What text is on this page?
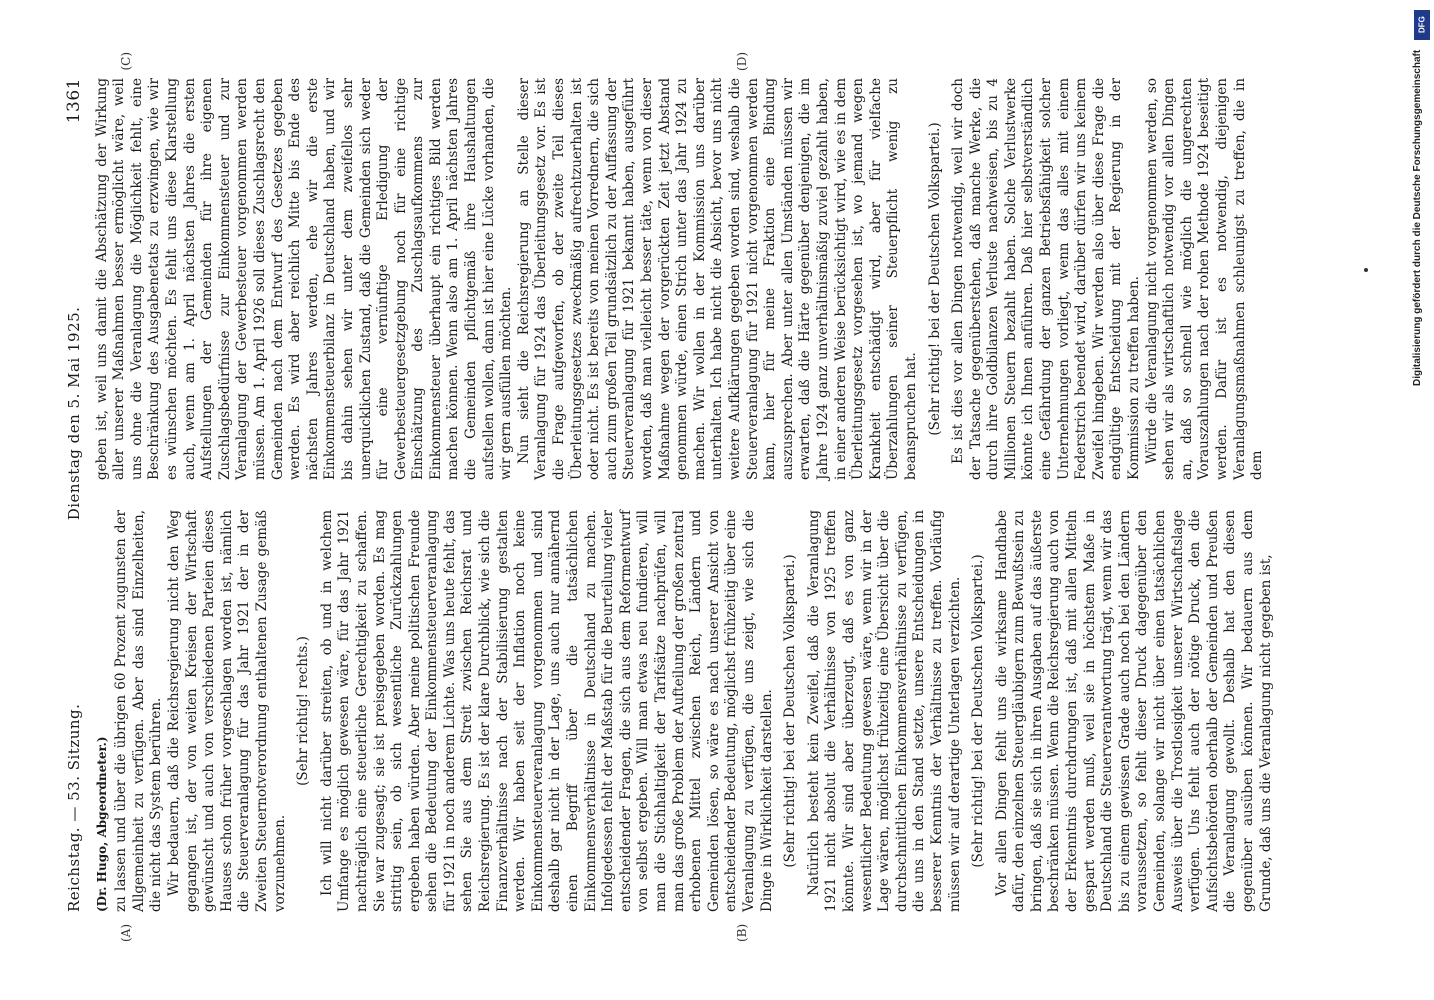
Reichstag. — 53. Sitzung.
Dienstag den 5. Mai 1925.
1361
(A)	(B)
(Dr. Hugo, Abgeordneter.) zu lassen und über die übrigen 60 Prozent zugunsten der Allgemeinheit zu verfügen. Aber das sind Einzelheiten, die nicht das System berühren. Wir bedauern, daß die Reichsregierung nicht den Weg gegangen ist, der von weiten Kreisen der Wirtschaft gewünscht und auch von verschiedenen Parteien dieses Hauses schon früher vorgeschlagen worden ist, nämlich die Steuerveranlagung für das Jahr 1921 der in der Zweiten Steuernotverordnung enthaltenen Zusage gemäß vorzunehmen.

(Sehr richtig! rechts.) Ich will nicht darüber streiten, ob und in welchem Umfange es möglich gewesen wäre, für das Jahr 1921 nachträglich eine steuerliche Gerechtigkeit zu schaffen. Sie war zugesagt; sie ist preisgegeben worden. Es mag strittig sein, ob sich wesentliche Zurückzahlungen ergeben haben würden. Aber meine politischen Freunde sehen die Bedeutung der Einkommensteuerveranlagung für 1921 in noch anderem Lichte. Was uns heute fehlt, das sehen Sie aus dem Streit zwischen Reichsrat und Reichsregierung. Es ist der klare Durchblick, wie sich die Finanzverhältnisse nach der Stabilisierung gestalten werden. Wir haben seit der Inflation noch keine Einkommensteuerveranlagung vorgenommen und sind deshalb gar nicht in der Lage, uns auch nur annähernd einen Begriff über die tatsächlichen Einkommensverhältnisse in Deutschland zu machen. Infolgedessen fehlt der Maßstab für die Beurteilung vieler entscheidender Fragen, die sich aus dem Reformentwurf von selbst ergeben. Will man etwas neu fundieren, will man die Stichhaltigkeit der Tarifsätze nachprüfen, will man das große Problem der Aufteilung der großen zentral erhobenen Mittel zwischen Reich, Ländern und Gemeinden lösen, so wäre es nach unserer Ansicht von entscheidender Bedeutung, möglichst frühzeitig über eine Veranlagung zu verfügen, die uns zeigt, wie sich die Dinge in Wirklichkeit darstellen. (Sehr richtig! bei der Deutschen Volkspartei.) Natürlich besteht kein Zweifel, daß die Veranlagung 1921 nicht absolut die Verhältnisse von 1925 treffen könnte. Wir sind aber überzeugt, daß es von ganz wesentlicher Bedeutung gewesen wäre, wenn wir in der Lage wären, möglichst frühzeitig eine Übersicht über die durchschnittlichen Einkommensverhältnisse zu verfügen, die uns in den Stand setzte, unsere Entscheidungen in besserer Kenntnis der Verhältnisse zu treffen. Vorläufig müssen wir auf derartige Unterlagen verzichten. (Sehr richtig! bei der Deutschen Volkspartei.) Vor allen Dingen fehlt uns die wirksame Handhabe dafür, den einzelnen Steuergläubigern zum Bewußtsein zu bringen, daß sie sich in ihren Ausgaben auf das äußerste beschränken müssen. Wenn die Reichsregierung auch von der Erkenntnis durchdrungen ist, daß mit allen Mitteln gespart werden muß, weil sie in höchstem Maße in Deutschland die Steuerverantwortung trägt, wenn wir das bis zu einem gewissen Grade auch noch bei den Ländern voraussetzen, so fehlt dieser Druck dagegenüber den Gemeinden, solange wir nicht über einen tatsächlichen Ausweis über die Trostlosigkeit unserer Wirtschaftslage verfügen. Uns fehlt auch der nötige Druck, den die Aufsichtsbehörden oberhalb der Gemeinden und Preußen die Veranlagung gewollt. Deshalb hat den diesen gegenüber ausüben können. Wir bedauern aus dem Grunde, daß uns die Veranlagung nicht gegeben ist,

(C)	(D)

geben ist, weil uns damit die Abschätzung der Wirkung aller unserer Maßnahmen besser ermöglicht wäre, weil uns ohne die Veranlagung die Möglichkeit fehlt, eine Beschränkung des Ausgabenetats zu erzwingen, wie wir es wünschen möchten. Es fehlt uns diese Klarstellung auch, wenn am 1. April nächsten Jahres die ersten Aufstellungen der Gemeinden für ihre eigenen Zuschlagsbedürfnisse zur Einkommensteuer und zur Veranlagung der Gewerbesteuer vorgenommen werden müssen. Am 1. April 1926 soll dieses Zuschlagsrecht den Gemeinden nach dem Entwurf des Gesetzes gegeben werden. Es wird aber reichlich Mitte bis Ende des nächsten Jahres werden, ehe wir die erste Einkommensteuerbilanz in Deutschland haben, und wir bis dahin sehen wir unter dem zweifellos sehr unerquicklichen Zustand, daß die Gemeinden sich weder für eine vernünftige Erledigung der Gewerbesteuergesetzgebung noch für eine richtige Einschätzung des Zuschlagsaufkommens zur Einkommensteuer überhaupt ein richtiges Bild werden machen können. Wenn also am 1. April nächsten Jahres die Gemeinden pflichtgemäß ihre Haushaltungen aufstellen wollen, dann ist hier eine Lücke vorhanden, die wir gern ausfüllen möchten. Nun sieht die Reichsregierung an Stelle dieser Veranlagung für 1924 das Überleitungsgesetz vor. Es ist die Frage aufgeworfen, ob der zweite Teil dieses Überleitungsgesetzes zweckmäßig aufrechtzuerhalten ist oder nicht. Es ist bereits von meinen Vorrednern, die sich auch zum großen Teil grundsätzlich zu der Auffassung der Steuerveranlagung für 1921 bekannt haben, ausgeführt worden, daß man vielleicht besser täte, wenn von dieser Maßnahme wegen der vorgerückten Zeit jetzt Abstand genommen würde, einen Strich unter das Jahr 1924 zu machen. Wir wollen in der Kommission uns darüber unterhalten. Ich habe nicht die Absicht, bevor uns nicht weitere Aufklärungen gegeben worden sind, weshalb die Steuerveranlagung für 1921 nicht vorgenommen werden kann, hier für meine Fraktion eine Bindung auszusprechen. Aber unter allen Umständen müssen wir erwarten, daß die Härte gegenüber denjenigen, die im Jahre 1924 ganz unverhältnismäßig zuviel gezahlt haben, in einer anderen Weise berücksichtigt wird, wie es in dem Überleitungsgesetz vorgesehen ist, wo jemand wegen Krankheit entschädigt wird, aber für vielfache Überzahlungen seiner Steuerpflicht wenig zu beanspruchen hat. (Sehr richtig! bei der Deutschen Volkspartei.) Es ist dies vor allen Dingen notwendig, weil wir doch der Tatsache gegenüberstehen, daß manche Werke, die durch ihre Goldbilanzen Verluste nachweisen, bis zu 4 Millionen Steuern bezahlt haben. Solche Verlustwerke könnte ich Ihnen anführen. Daß hier selbstverständlich eine Gefährdung der ganzen Betriebsfähigkeit solcher Unternehmungen vorliegt, wenn das alles mit einem Federstrich beendet wird, darüber dürfen wir uns keinem Zweifel hingeben. Wir werden also über diese Frage die endgültige Entscheidung mit der Regierung in der Kommission zu treffen haben. Würde die Veranlagung nicht vorgenommen werden, so sehen wir als wirtschaftlich notwendig vor allen Dingen an, daß so schnell wie möglich die ungerechten Vorauszahlungen nach der rohen Methode 1924 beseitigt werden. Dafür ist es notwendig, diejenigen Veranlagungsmaßnahmen schleunigst zu treffen, die in dem

DFG
Digitalisierung gefördert durch die Deutsche Forschungsgemeinschaft
